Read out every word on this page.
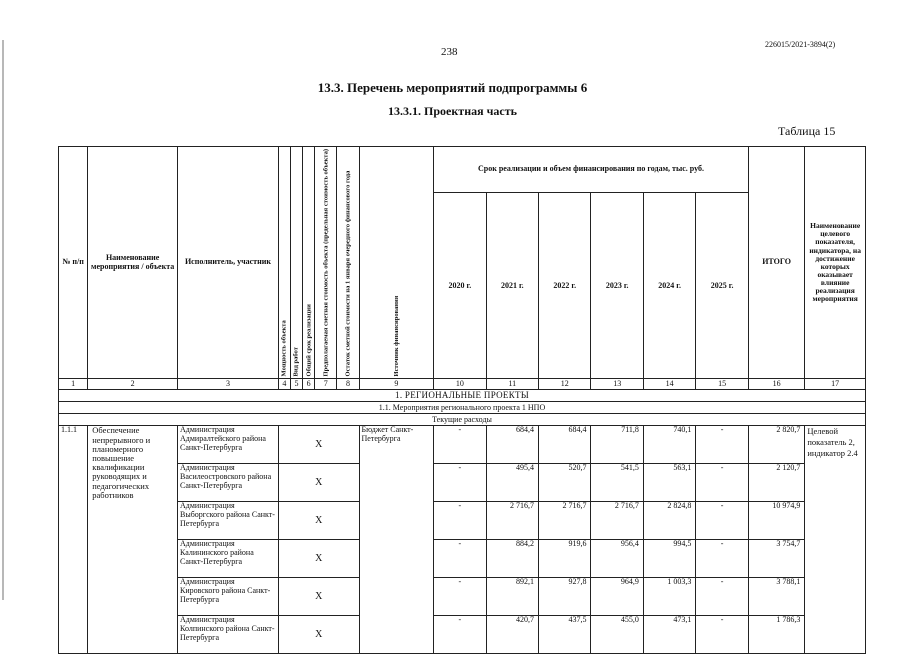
238
226015/2021-3894(2)
13.3. Перечень мероприятий подпрограммы 6
13.3.1. Проектная часть
Таблица 15
№ п/п	Наименование мероприятия / объекта	Исполнитель, участник	Мощность объекта	Вид работ	Общий срок реализации	Предполагаемая сметная стоимость объекта (предельная стоимость объекта)	Остаток сметной стоимости на 1 января очередного финансового года	Источник финансирования	Срок реализации и объем финансирования по годам, тыс. руб.						ИТОГО	Наименование целевого показателя, индикатора, на достижение которых оказывает влияние реализация мероприятия
									2020 г.	2021 г.	2022 г.	2023 г.	2024 г.	2025 г.		
1	2	3	4	5	6	7	8	9	10	11	12	13	14	15	16	17
1. РЕГИОНАЛЬНЫЕ ПРОЕКТЫ																
1.1. Мероприятия регионального проекта 1 НПО																
Текущие расходы																
1.1.1	Обеспечение непрерывного и планомерного повышение квалификации руководящих и педагогических работников	Администрация Адмиралтейского района Санкт-Петербурга	X					Бюджет Санкт-Петербурга	-	684,4	684,4	711,8	740,1	-	2 820,7	Целевой показатель 2, индикатор 2.4
		Администрация Василеостровского района Санкт-Петербурга	X						-	495,4	520,7	541,5	563,1	-	2 120,7	
		Администрация Выборгского района Санкт-Петербурга	X						-	2 716,7	2 716,7	2 716,7	2 824,8	-	10 974,9	
		Администрация Калининского района Санкт-Петербурга	X						-	884,2	919,6	956,4	994,5	-	3 754,7	
		Администрация Кировского района Санкт-Петербурга	X						-	892,1	927,8	964,9	1 003,3	-	3 788,1	
		Администрация Колпинского района Санкт-Петербурга	X						-	420,7	437,5	455,0	473,1	-	1 786,3	
